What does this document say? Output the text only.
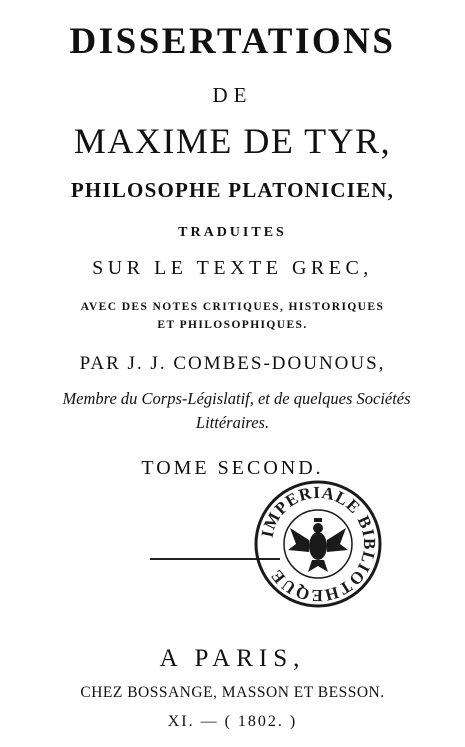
DISSERTATIONS
DE
MAXIME DE TYR,
PHILOSOPHE PLATONICIEN,
TRADUITES
SUR LE TEXTE GREC,
AVEC DES NOTES CRITIQUES, HISTORIQUES
ET PHILOSOPHIQUES.
PAR J. J. COMBES-DOUNOUS,
Membre du Corps-Législatif, et de quelques Sociétés
Littéraires.
TOME SECOND.
IMPERIALE BIBLIOTHEQUE
A PARIS,
CHEZ BOSSANGE, MASSON ET BESSON.
XI. — ( 1802. )
